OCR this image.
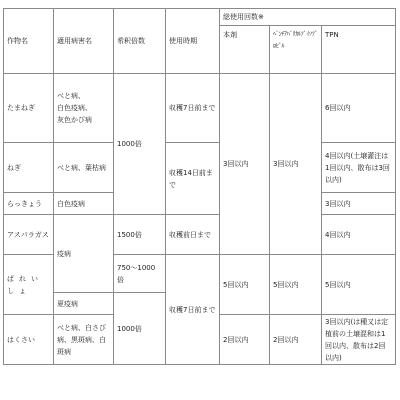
作物名	適用病害名	希釈倍数	使用時期	総使用回数※		
				本剤	ﾍﾞﾝﾁｱﾊﾞﾘｶﾙﾌﾞｲｿﾌﾟﾛﾋﾟﾙ	TPN
たまねぎ	べと病、
白色疫病、
灰色かび病	1000倍	収穫7日前まで	3回以内	3回以内	6回以内
ねぎ	べと病、葉枯病		収穫14日前まで			4回以内(土壌灌注は1回以内、散布は3回以内)
らっきょう	白色疫病					3回以内
アスパラガス	疫病	1500倍	収穫前日まで			4回以内
ばれいしょ		750～1000倍	収穫7日前まで	5回以内	5回以内	5回以内
	夏疫病	1000倍				
はくさい	べと病、白さび病、黒斑病、白斑病			2回以内	2回以内	3回以内(は種又は定植前の土壌混和は1回以内、散布は2回以内)
